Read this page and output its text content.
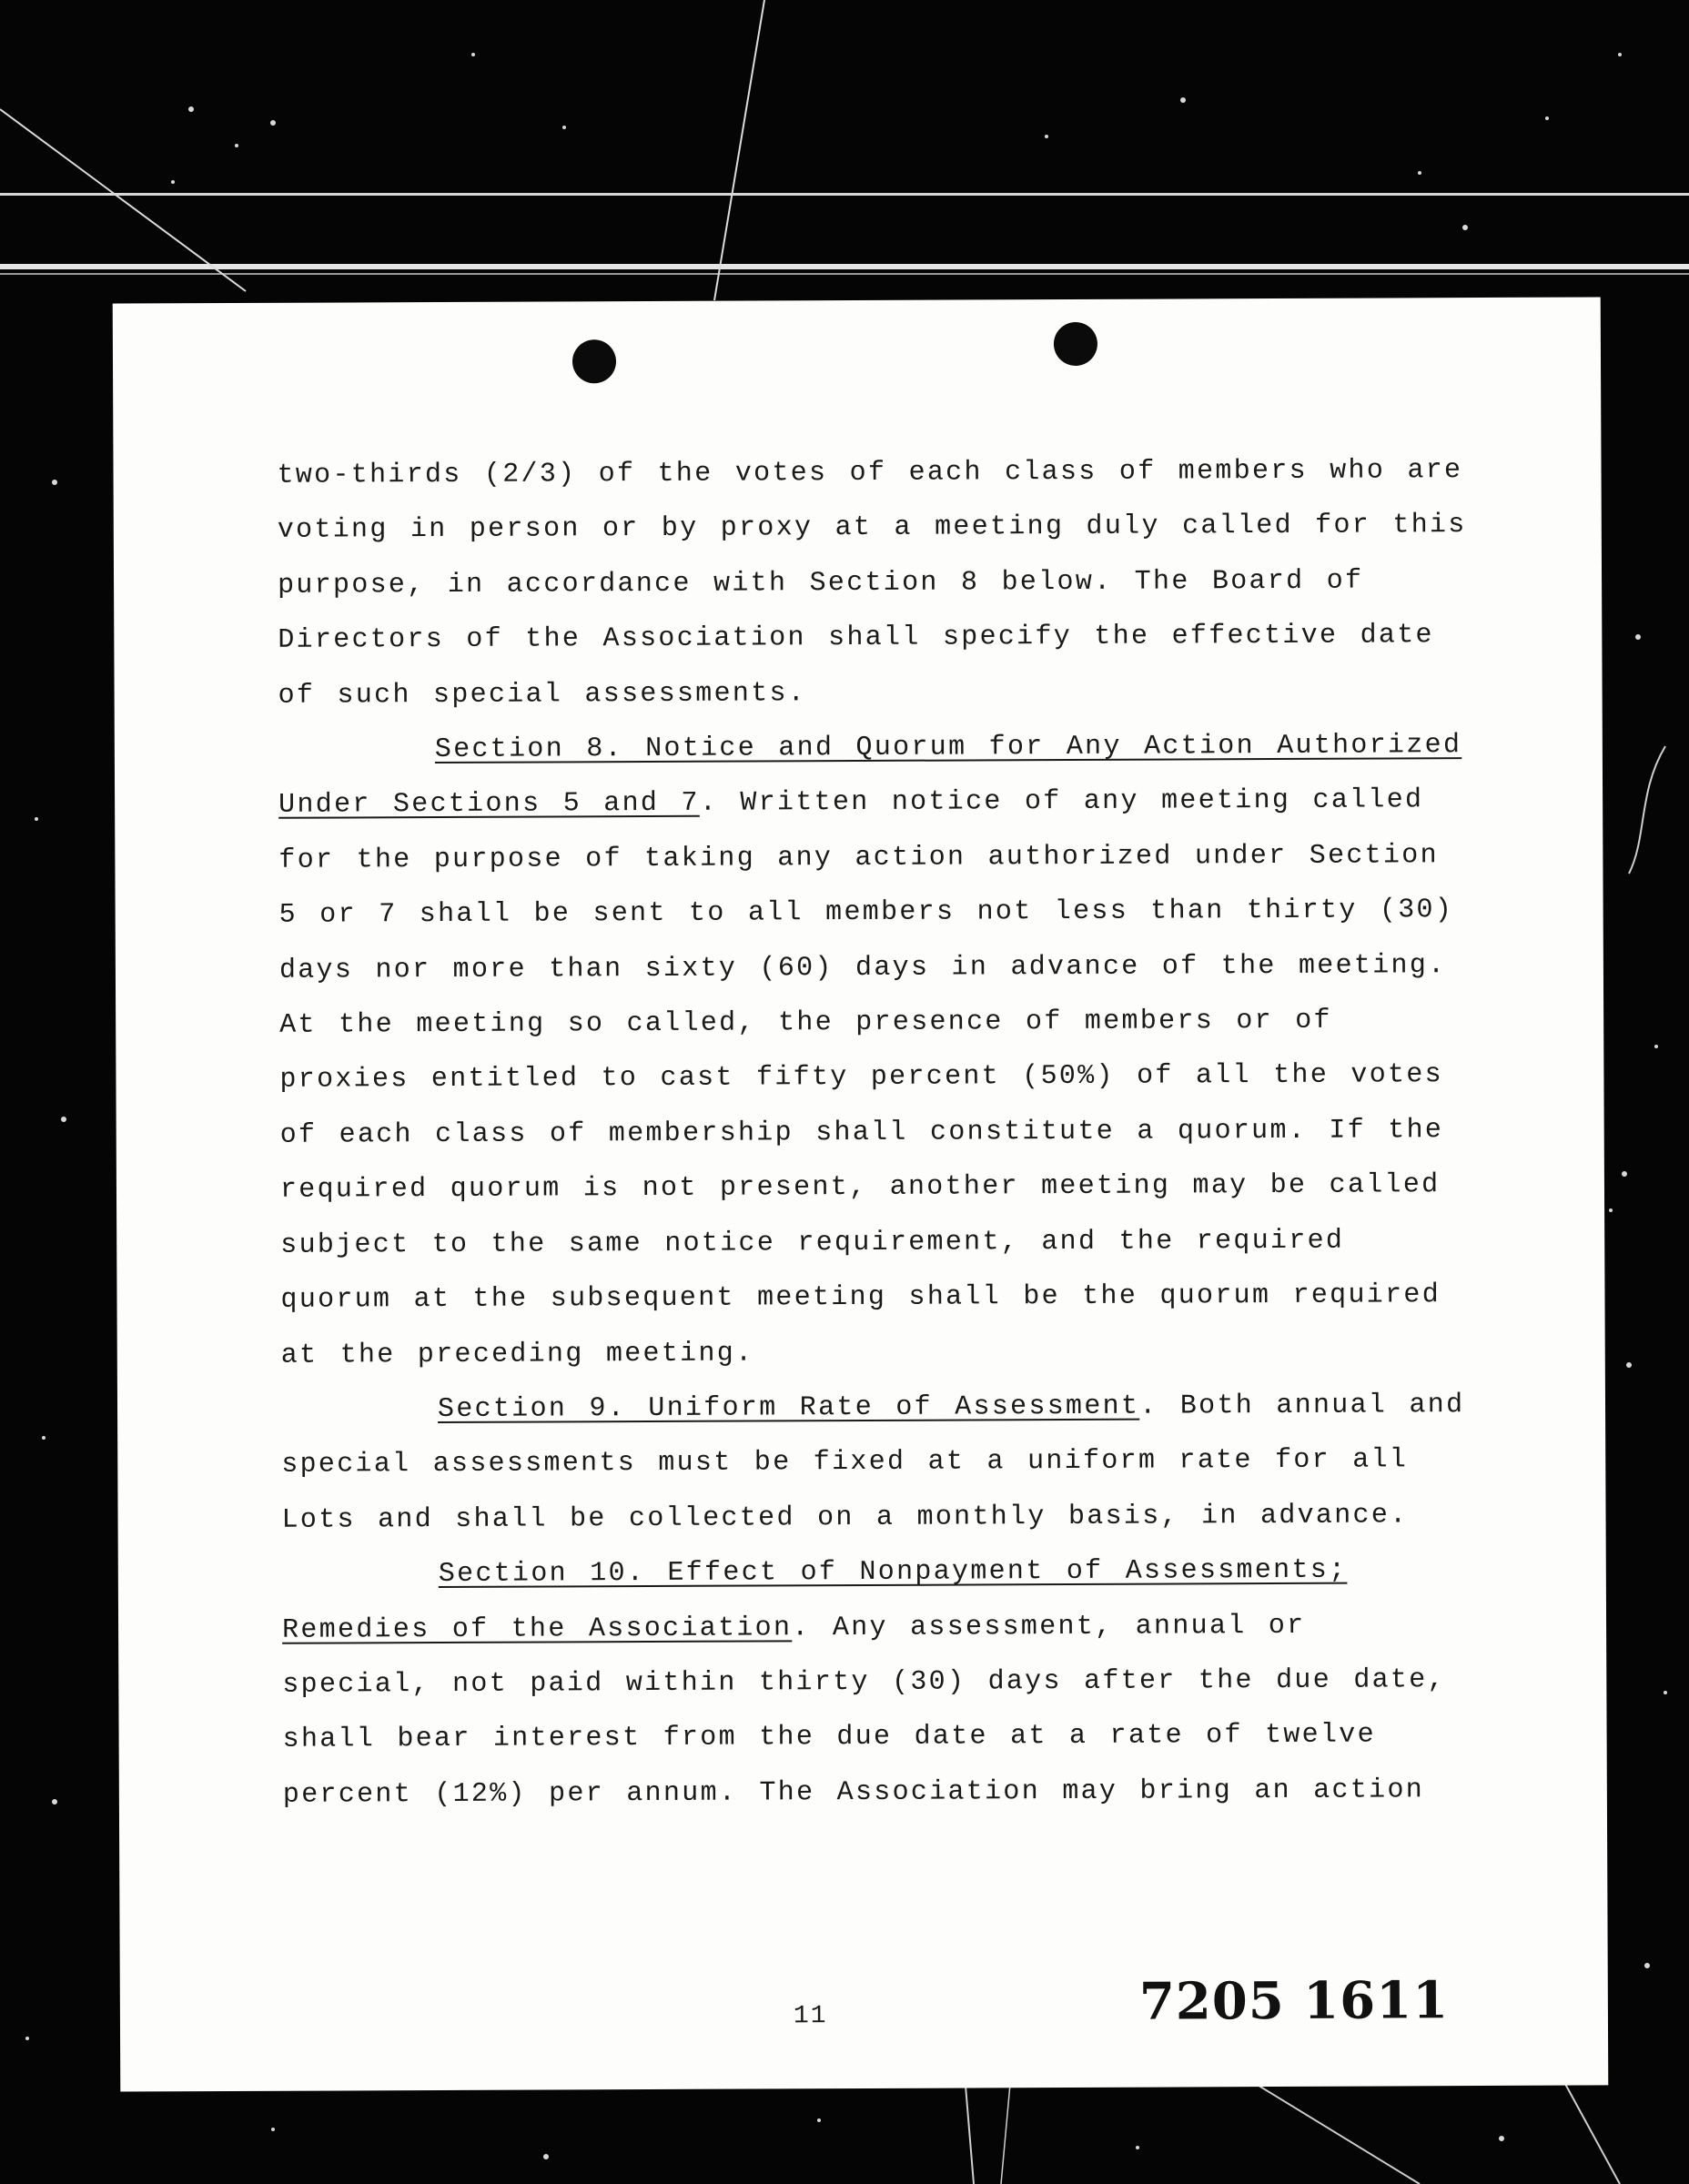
two-thirds (2/3) of the votes of each class of members who are voting in person or by proxy at a meeting duly called for this purpose, in accordance with Section 8 below. The Board of Directors of the Association shall specify the effective date of such special assessments.

Section 8. Notice and Quorum for Any Action Authorized Under Sections 5 and 7. Written notice of any meeting called for the purpose of taking any action authorized under Section 5 or 7 shall be sent to all members not less than thirty (30) days nor more than sixty (60) days in advance of the meeting. At the meeting so called, the presence of members or of proxies entitled to cast fifty percent (50%) of all the votes of each class of membership shall constitute a quorum. If the required quorum is not present, another meeting may be called subject to the same notice requirement, and the required quorum at the subsequent meeting shall be the quorum required at the preceding meeting.

Section 9. Uniform Rate of Assessment. Both annual and special assessments must be fixed at a uniform rate for all Lots and shall be collected on a monthly basis, in advance.

Section 10. Effect of Nonpayment of Assessments; Remedies of the Association. Any assessment, annual or special, not paid within thirty (30) days after the due date, shall bear interest from the due date at a rate of twelve percent (12%) per annum. The Association may bring an action

11	7205 1611
